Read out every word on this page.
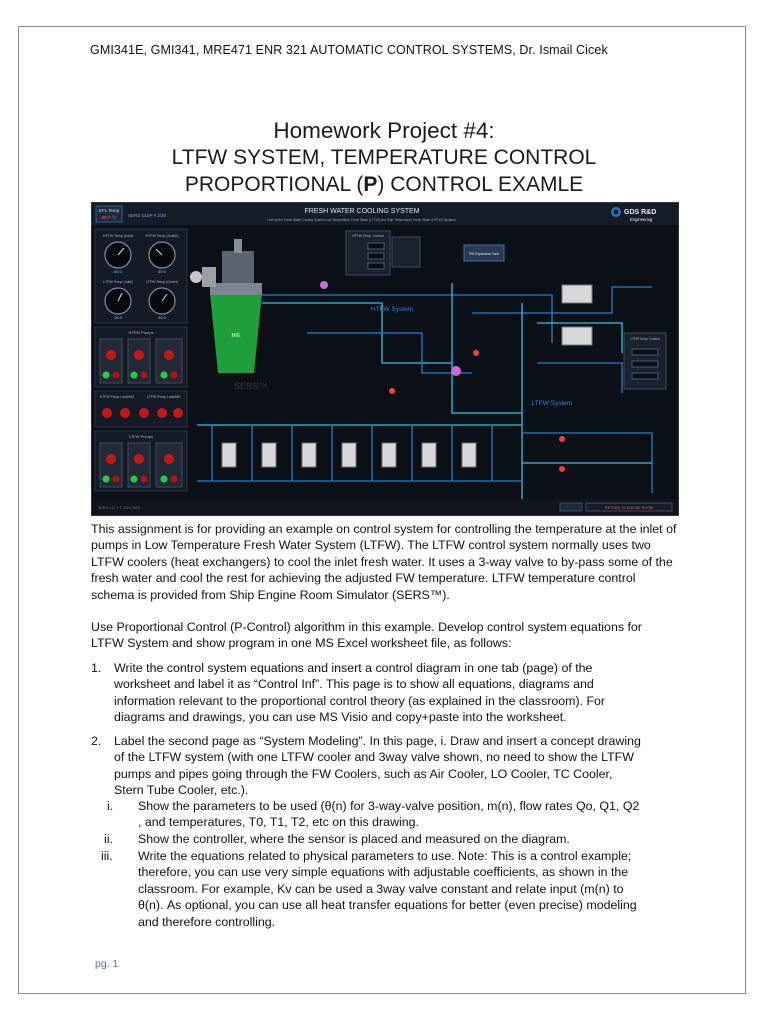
GMI341E, GMI341, MRE471 ENR 321 AUTOMATIC CONTROL SYSTEMS, Dr. Ismail Cicek
Homework Project #4:
LTFW SYSTEM, TEMPERATURE CONTROL
PROPORTIONAL (P) CONTROL EXAMLE
EFL Temp
30.7 °C	SERS GUIP # 2/30
FRESH WATER COOLING SYSTEM
Line up the Fresh Water Cooling System Low Temperature Fresh Water (LTFW) and High Temperature Fresh Water (HTFW) Systems.
GDS R&D
Engineering
HTFW Temp (Inlet)
60.0
HTFW Temp (Outlet)
60.0
LTFW Temp (Inlet)
36.0
LTFW Temp (Outlet)
46.0
HTFW Pumps
HTFW Pump Load/MG	LTFW Pump Load/MG
LTFW Pumps
M/E
SERS™
HTFW System
LTFW System
HTFW Temp. Control
FW Expansion Tank
LTFW Temp. Control
SERS v.12.1 © GDS 2023	RETURN TO ENGINE ROOM
This assignment is for providing an example on control system for controlling the temperature at the inlet of pumps in Low Temperature Fresh Water System (LTFW). The LTFW control system normally uses two LTFW coolers (heat exchangers) to cool the inlet fresh water. It uses a 3-way valve to by-pass some of the fresh water and cool the rest for achieving the adjusted FW temperature. LTFW temperature control schema is provided from Ship Engine Room Simulator (SERS™).
Use Proportional Control (P-Control) algorithm in this example. Develop control system equations for LTFW System and show program in one MS Excel worksheet file, as follows:
1.	Write the control system equations and insert a control diagram in one tab (page) of the worksheet and label it as “Control Inf”. This page is to show all equations, diagrams and information relevant to the proportional control theory (as explained in the classroom). For diagrams and drawings, you can use MS Visio and copy+paste into the worksheet.
2.	Label the second page as “System Modeling”. In this page, i. Draw and insert a concept drawing of the LTFW system (with one LTFW cooler and 3way valve shown, no need to show the LTFW pumps and pipes going through the FW Coolers, such as Air Cooler, LO Cooler, TC Cooler, Stern Tube Cooler, etc.).
i.	Show the parameters to be used (θ(n) for 3-way-valve position, m(n), flow rates Qo, Q1, Q2 , and temperatures, T0, T1, T2, etc on this drawing.
ii.	Show the controller, where the sensor is placed and measured on the diagram.
iii.	Write the equations related to physical parameters to use. Note: This is a control example; therefore, you can use very simple equations with adjustable coefficients, as shown in the classroom. For example, Kv can be used a 3way valve constant and relate input (m(n) to θ(n). As optional, you can use all heat transfer equations for better (even precise) modeling and therefore controlling.
pg. 1
